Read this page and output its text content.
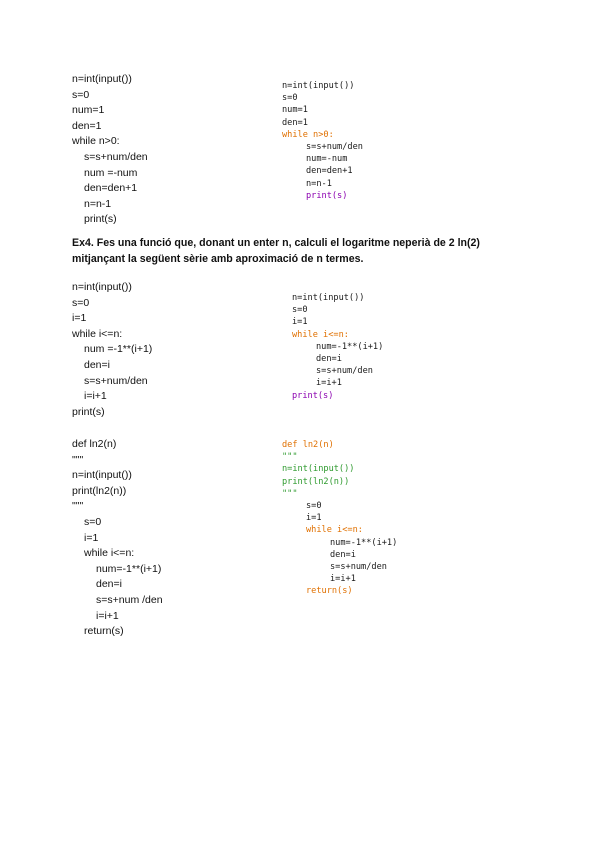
n=int(input())
s=0
num=1
den=1
while n>0:
s=s+num/den
num =-num
den=den+1
n=n-1
print(s)
n=int(input())
s=0
num=1
den=1
while n>0:
s=s+num/den
num=-num
den=den+1
n=n-1
print(s)
Ex4. Fes una funció que, donant un enter n, calculi el logaritme neperià de 2 ln(2)
mitjançant la següent sèrie amb aproximació de n termes.
n=int(input())
s=0
i=1
while i<=n:
num =-1**(i+1)
den=i
s=s+num/den
i=i+1
print(s)
n=int(input())
s=0
i=1
while i<=n:
num=-1**(i+1)
den=i
s=s+num/den
i=i+1
print(s)
def ln2(n)
"""
n=int(input())
print(ln2(n))
"""
s=0
i=1
while i<=n:
num=-1**(i+1)
den=i
s=s+num /den
i=i+1
return(s)
def ln2(n)
"""
n=int(input())
print(ln2(n))
"""
s=0
i=1
while i<=n:
num=-1**(i+1)
den=i
s=s+num/den
i=i+1
return(s)
